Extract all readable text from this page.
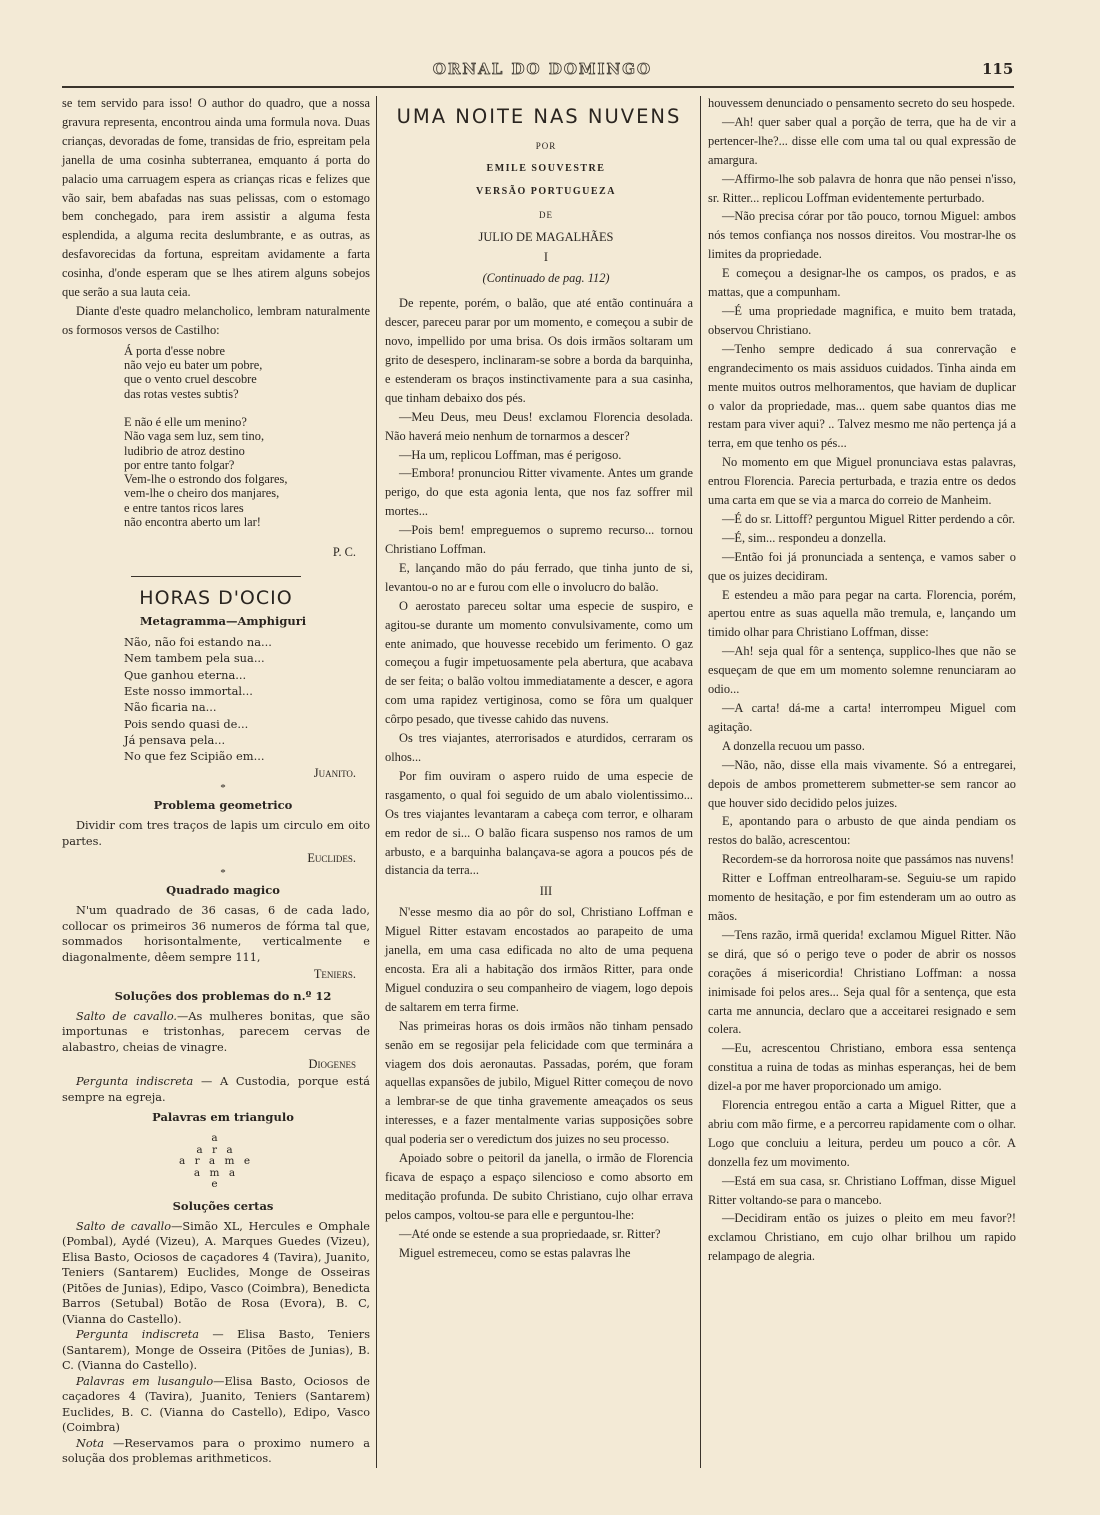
ORNAL DO DOMINGO	115

se tem servido para isso! O author do quadro, que a nossa gravura representa, encontrou ainda uma formula nova. Duas crianças, devoradas de fome, transidas de frio, espreitam pela janella de uma cosinha subterranea, emquanto á porta do palacio uma carruagem espera as crianças ricas e felizes que vão sair, bem abafadas nas suas pelissas, com o estomago bem conchegado, para irem assistir a alguma festa esplendida, a alguma recita deslumbrante, e as outras, as desfavorecidas da fortuna, espreitam avidamente a farta cosinha, d'onde esperam que se lhes atirem alguns sobejos que serão a sua lauta ceia.

Diante d'este quadro melancholico, lembram naturalmente os formosos versos de Castilho:

Á porta d'esse nobre
não vejo eu bater um pobre,
que o vento cruel descobre
das rotas vestes subtis?
E não é elle um menino?
Não vaga sem luz, sem tino,
ludibrio de atroz destino
por entre tanto folgar?
Vem-lhe o estrondo dos folgares,
vem-lhe o cheiro dos manjares,
e entre tantos ricos lares
não encontra aberto um lar!

P. C.

HORAS D'OCIO

Metagramma—Amphiguri

Não, não foi estando na...
Nem tambem pela sua...
Que ganhou eterna...
Este nosso immortal...
Não ficaria na...
Pois sendo quasi de...
Já pensava pela...
No que fez Scipião em...

Juanito.

*

Problema geometrico

Dividir com tres traços de lapis um circulo em oito partes.

Euclides.

*

Quadrado magico

N'um quadrado de 36 casas, 6 de cada lado, collocar os primeiros 36 numeros de fórma tal que, sommados horisontalmente, verticalmente e diagonalmente, dêem sempre 111,

Teniers.

Soluções dos problemas do n.º 12

Salto de cavallo.—As mulheres bonitas, que são importunas e tristonhas, parecem cervas de alabastro, cheias de vinagre.

Diogenes

Pergunta indiscreta — A Custodia, porque está sempre na egreja.

Palavras em triangulo

a
a r a
a r a m e
a m a
e

Soluções certas

Salto de cavallo—Simão XL, Hercules e Omphale (Pombal), Aydé (Vizeu), A. Marques Guedes (Vizeu), Elisa Basto, Ociosos de caçadores 4 (Tavira), Juanito, Teniers (Santarem) Euclides, Monge de Osseiras (Pitões de Junias), Edipo, Vasco (Coimbra), Benedicta Barros (Setubal) Botão de Rosa (Evora), B. C, (Vianna do Castello).

Pergunta indiscreta — Elisa Basto, Teniers (Santarem), Monge de Osseira (Pitões de Junias), B. C. (Vianna do Castello).

Palavras em lusangulo—Elisa Basto, Ociosos de caçadores 4 (Tavira), Juanito, Teniers (Santarem) Euclides, B. C. (Vianna do Castello), Edipo, Vasco (Coimbra)

Nota —Reservamos para o proximo numero a soluçãa dos problemas arithmeticos.

UMA NOITE NAS NUVENS

POR

EMILE SOUVESTRE

VERSÃO PORTUGUEZA

DE

JULIO DE MAGALHÃES

I

(Continuado de pag. 112)

De repente, porém, o balão, que até então continuára a descer, pareceu parar por um momento, e começou a subir de novo, impellido por uma brisa. Os dois irmãos soltaram um grito de desespero, inclinaram-se sobre a borda da barquinha, e estenderam os braços instinctivamente para a sua casinha, que tinham debaixo dos pés.

—Meu Deus, meu Deus! exclamou Florencia desolada. Não haverá meio nenhum de tornarmos a descer?

—Ha um, replicou Loffman, mas é perigoso.

—Embora! pronunciou Ritter vivamente. Antes um grande perigo, do que esta agonia lenta, que nos faz soffrer mil mortes...

—Pois bem! empreguemos o supremo recurso... tornou Christiano Loffman.

E, lançando mão do páu ferrado, que tinha junto de si, levantou-o no ar e furou com elle o involucro do balão.

O aerostato pareceu soltar uma especie de suspiro, e agitou-se durante um momento convulsivamente, como um ente animado, que houvesse recebido um ferimento. O gaz começou a fugir impetuosamente pela abertura, que acabava de ser feita; o balão voltou immediatamente a descer, e agora com uma rapidez vertiginosa, como se fôra um qualquer côrpo pesado, que tivesse cahido das nuvens.

Os tres viajantes, aterrorisados e aturdidos, cerraram os olhos...

Por fim ouviram o aspero ruido de uma especie de rasgamento, o qual foi seguido de um abalo violentissimo... Os tres viajantes levantaram a cabeça com terror, e olharam em redor de si... O balão ficara suspenso nos ramos de um arbusto, e a barquinha balançava-se agora a poucos pés de distancia da terra...

III

N'esse mesmo dia ao pôr do sol, Christiano Loffman e Miguel Ritter estavam encostados ao parapeito de uma janella, em uma casa edificada no alto de uma pequena encosta. Era ali a habitação dos irmãos Ritter, para onde Miguel conduzira o seu companheiro de viagem, logo depois de saltarem em terra firme.

Nas primeiras horas os dois irmãos não tinham pensado senão em se regosijar pela felicidade com que terminára a viagem dos dois aeronautas. Passadas, porém, que foram aquellas expansões de jubilo, Miguel Ritter começou de novo a lembrar-se de que tinha gravemente ameaçados os seus interesses, e a fazer mentalmente varias supposições sobre qual poderia ser o veredictum dos juizes no seu processo.

Apoiado sobre o peitoril da janella, o irmão de Florencia ficava de espaço a espaço silencioso e como absorto em meditação profunda. De subito Christiano, cujo olhar errava pelos campos, voltou-se para elle e perguntou-lhe:

—Até onde se estende a sua propriedaade, sr. Ritter?

Miguel estremeceu, como se estas palavras lhe

houvessem denunciado o pensamento secreto do seu hospede.

—Ah! quer saber qual a porção de terra, que ha de vir a pertencer-lhe?... disse elle com uma tal ou qual expressão de amargura.

—Affirmo-lhe sob palavra de honra que não pensei n'isso, sr. Ritter... replicou Loffman evidentemente perturbado.

—Não precisa córar por tão pouco, tornou Miguel: ambos nós temos confiança nos nossos direitos. Vou mostrar-lhe os limites da propriedade.

E começou a designar-lhe os campos, os prados, e as mattas, que a compunham.

—É uma propriedade magnifica, e muito bem tratada, observou Christiano.

—Tenho sempre dedicado á sua conrervação e engrandecimento os mais assiduos cuidados. Tinha ainda em mente muitos outros melhoramentos, que haviam de duplicar o valor da propriedade, mas... quem sabe quantos dias me restam para viver aqui? .. Talvez mesmo me não pertença já a terra, em que tenho os pés...

No momento em que Miguel pronunciava estas palavras, entrou Florencia. Parecia perturbada, e trazia entre os dedos uma carta em que se via a marca do correio de Manheim.

—É do sr. Littoff? perguntou Miguel Ritter perdendo a côr.

—É, sim... respondeu a donzella.

—Então foi já pronunciada a sentença, e vamos saber o que os juizes decidiram.

E estendeu a mão para pegar na carta. Florencia, porém, apertou entre as suas aquella mão tremula, e, lançando um timido olhar para Christiano Loffman, disse:

—Ah! seja qual fôr a sentença, supplico-lhes que não se esqueçam de que em um momento solemne renunciaram ao odio...

—A carta! dá-me a carta! interrompeu Miguel com agitação.

A donzella recuou um passo.

—Não, não, disse ella mais vivamente. Só a entregarei, depois de ambos prometterem submetter-se sem rancor ao que houver sido decidido pelos juizes.

E, apontando para o arbusto de que ainda pendiam os restos do balão, acrescentou:

Recordem-se da horrorosa noite que passámos nas nuvens!

Ritter e Loffman entreolharam-se. Seguiu-se um rapido momento de hesitação, e por fim estenderam um ao outro as mãos.

—Tens razão, irmã querida! exclamou Miguel Ritter. Não se dirá, que só o perigo teve o poder de abrir os nossos corações á misericordia! Christiano Loffman: a nossa inimisade foi pelos ares... Seja qual fôr a sentença, que esta carta me annuncia, declaro que a acceitarei resignado e sem colera.

—Eu, acrescentou Christiano, embora essa sentença constitua a ruina de todas as minhas esperanças, hei de bem dizel-a por me haver proporcionado um amigo.

Florencia entregou então a carta a Miguel Ritter, que a abriu com mão firme, e a percorreu rapidamente com o olhar. Logo que concluiu a leitura, perdeu um pouco a côr. A donzella fez um movimento.

—Está em sua casa, sr. Christiano Loffman, disse Miguel Ritter voltando-se para o mancebo.

—Decidiram então os juizes o pleito em meu favor?! exclamou Christiano, em cujo olhar brilhou um rapido relampago de alegria.
